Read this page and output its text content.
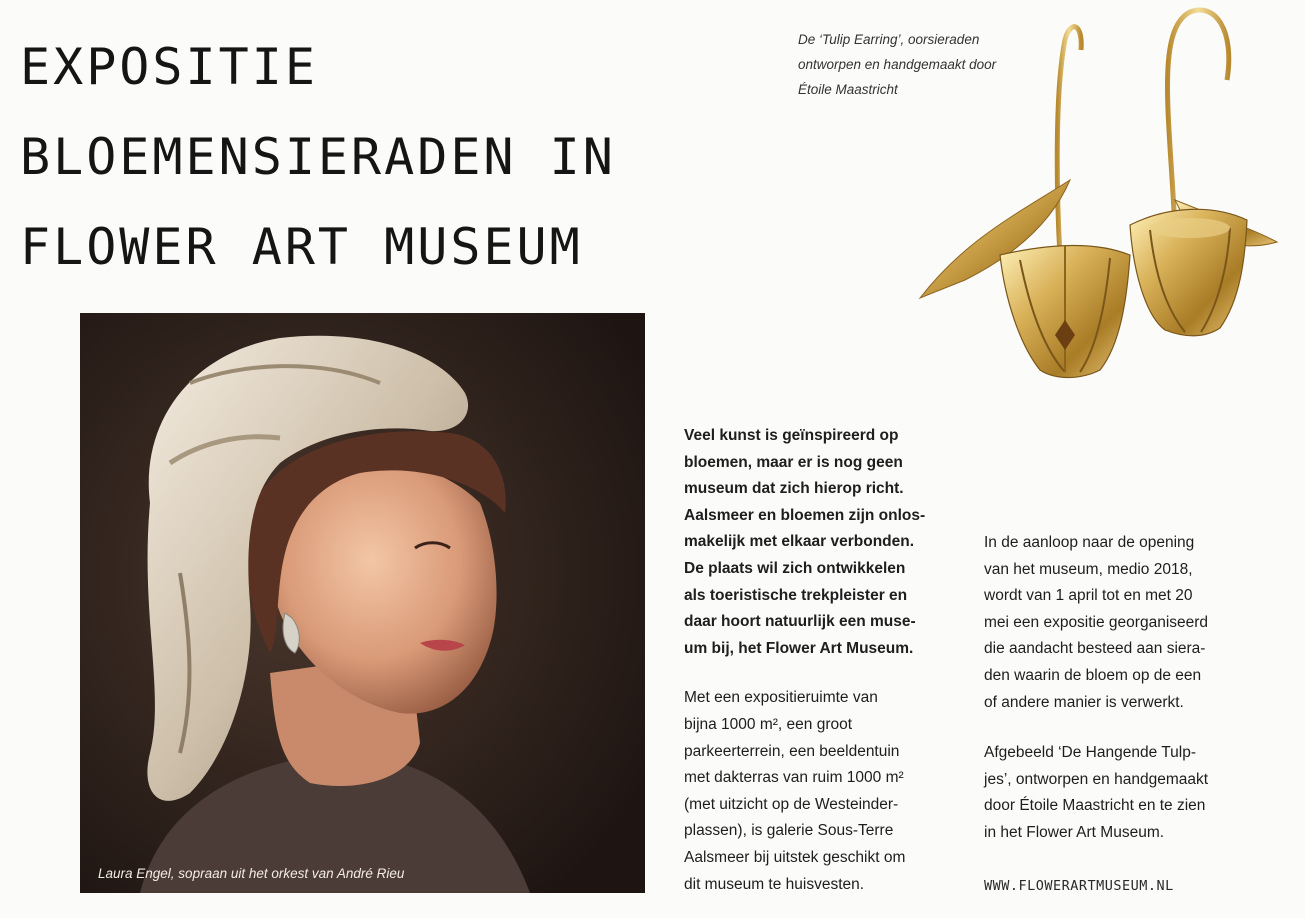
EXPOSITIE
BLOEMENSIERADEN IN
FLOWER ART MUSEUM
De ‘Tulip Earring’, oorsieraden ontworpen en handgemaakt door Étoile Maastricht
Laura Engel, sopraan uit het orkest van André Rieu

Veel kunst is geïnspireerd op
bloemen, maar er is nog geen
museum dat zich hierop richt.
Aalsmeer en bloemen zijn onlos-
makelijk met elkaar verbonden.
De plaats wil zich ontwikkelen
als toeristische trekpleister en
daar hoort natuurlijk een muse-
um bij, het Flower Art Museum.

Met een expositieruimte van
bijna 1000 m², een groot
parkeerterrein, een beeldentuin
met dakterras van ruim 1000 m²
(met uitzicht op de Westeinder-
plassen), is galerie Sous-Terre
Aalsmeer bij uitstek geschikt om
dit museum te huisvesten.

In de aanloop naar de opening
van het museum, medio 2018,
wordt van 1 april tot en met 20
mei een expositie georganiseerd
die aandacht besteed aan siera-
den waarin de bloem op de een
of andere manier is verwerkt.

Afgebeeld ‘De Hangende Tulp-
jes’, ontworpen en handgemaakt
door Étoile Maastricht en te zien
in het Flower Art Museum.

WWW.FLOWERARTMUSEUM.NL
